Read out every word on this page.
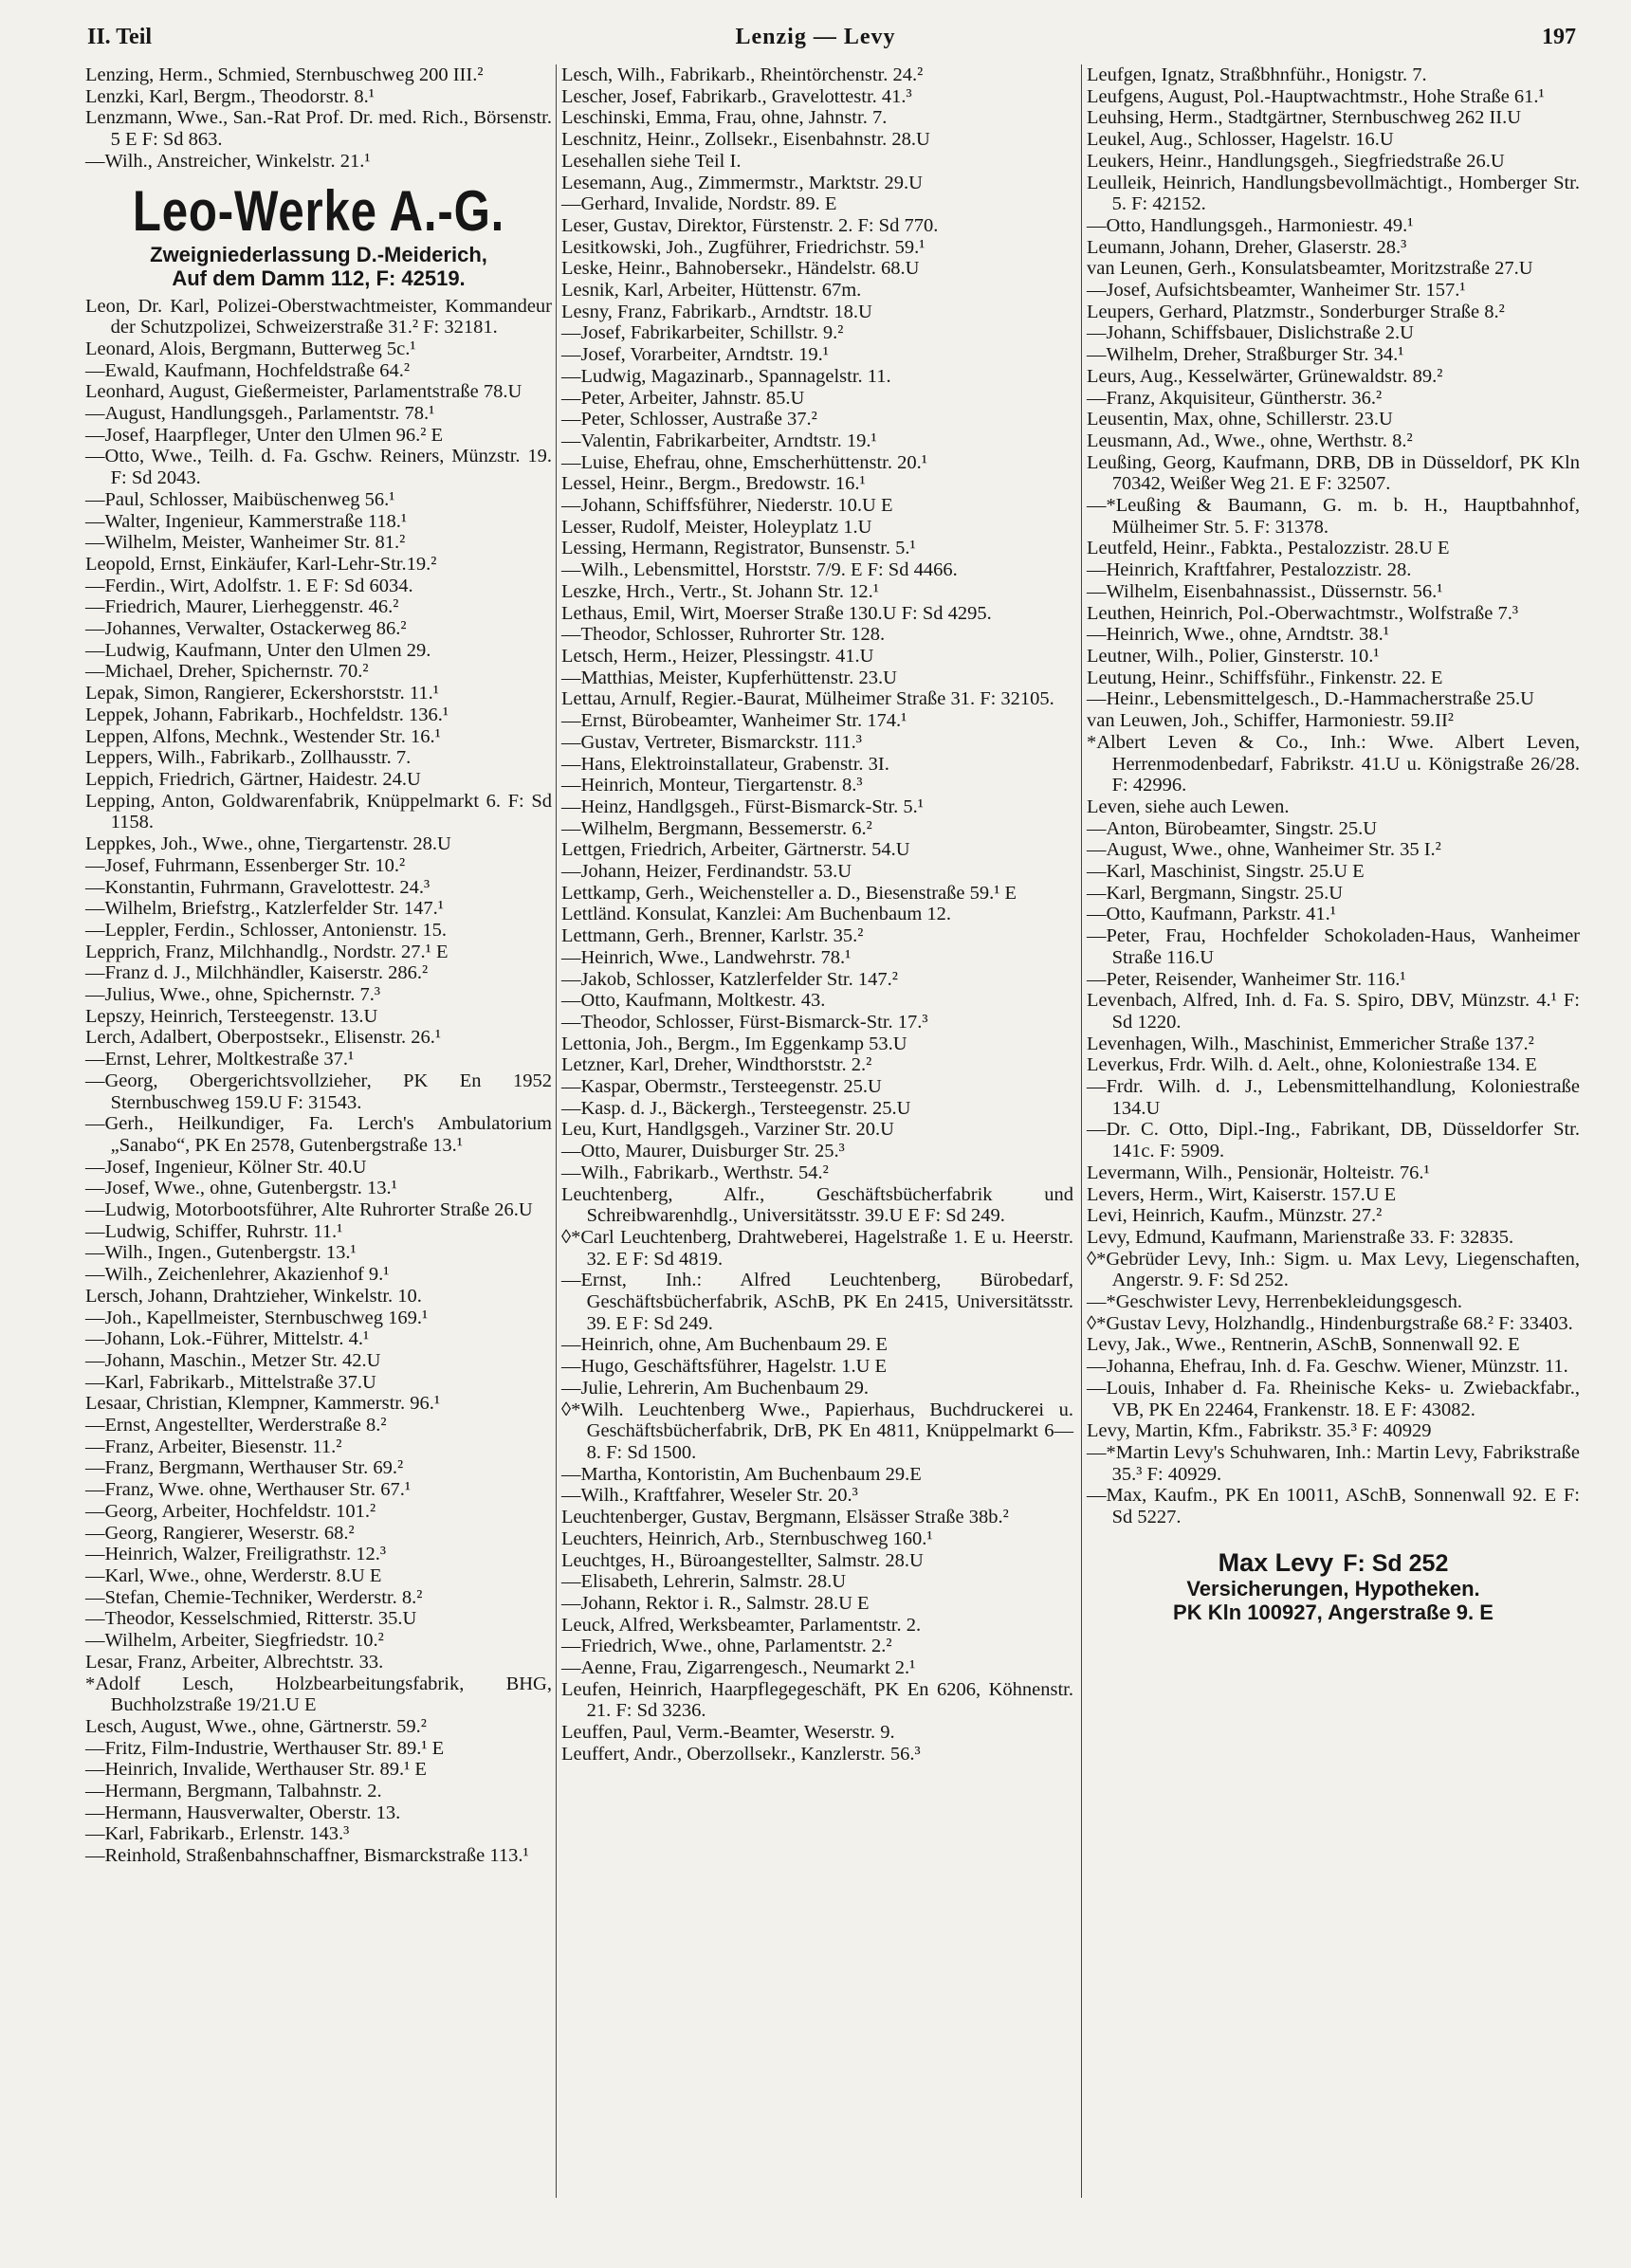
II. Teil	Lenzig — Levy	197
Lenzing, Herm., Schmied, Sternbuschweg 200 III.²
Lenzki, Karl, Bergm., Theodorstr. 8.¹
Lenzmann, Wwe., San.-Rat Prof. Dr. med. Rich., Börsenstr. 5 E F: Sd 863.
—Wilh., Anstreicher, Winkelstr. 21.¹
Leo-Werke A.-G.
Zweigniederlassung D.-Meiderich,
Auf dem Damm 112, F: 42519.
Leon, Dr. Karl, Polizei-Oberstwachtmeister, Kommandeur der Schutzpolizei, Schweizerstraße 31.² F: 32181.
Leonard, Alois, Bergmann, Butterweg 5c.¹
—Ewald, Kaufmann, Hochfeldstraße 64.²
Leonhard, August, Gießermeister, Parlamentstraße 78.U
—August, Handlungsgeh., Parlamentstr. 78.¹
—Josef, Haarpfleger, Unter den Ulmen 96.² E
—Otto, Wwe., Teilh. d. Fa. Gschw. Reiners, Münzstr. 19. F: Sd 2043.
—Paul, Schlosser, Maibüschenweg 56.¹
—Walter, Ingenieur, Kammerstraße 118.¹
—Wilhelm, Meister, Wanheimer Str. 81.²
Leopold, Ernst, Einkäufer, Karl-Lehr-Str.19.²
—Ferdin., Wirt, Adolfstr. 1. E F: Sd 6034.
—Friedrich, Maurer, Lierheggenstr. 46.²
—Johannes, Verwalter, Ostackerweg 86.²
—Ludwig, Kaufmann, Unter den Ulmen 29.
—Michael, Dreher, Spichernstr. 70.²
Lepak, Simon, Rangierer, Eckershorststr. 11.¹
Leppek, Johann, Fabrikarb., Hochfeldstr. 136.¹
Leppen, Alfons, Mechnk., Westender Str. 16.¹
Leppers, Wilh., Fabrikarb., Zollhausstr. 7.
Leppich, Friedrich, Gärtner, Haidestr. 24.U
Lepping, Anton, Goldwarenfabrik, Knüppelmarkt 6. F: Sd 1158.
Leppkes, Joh., Wwe., ohne, Tiergartenstr. 28.U
—Josef, Fuhrmann, Essenberger Str. 10.²
—Konstantin, Fuhrmann, Gravelottestr. 24.³
—Wilhelm, Briefstrg., Katzlerfelder Str. 147.¹
—Leppler, Ferdin., Schlosser, Antonienstr. 15.
Lepprich, Franz, Milchhandlg., Nordstr. 27.¹ E
—Franz d. J., Milchhändler, Kaiserstr. 286.²
—Julius, Wwe., ohne, Spichernstr. 7.³
Lepszy, Heinrich, Tersteegenstr. 13.U
Lerch, Adalbert, Oberpostsekr., Elisenstr. 26.¹
—Ernst, Lehrer, Moltkestraße 37.¹
—Georg, Obergerichtsvollzieher, PK En 1952 Sternbuschweg 159.U F: 31543.
—Gerh., Heilkundiger, Fa. Lerch's Ambulatorium „Sanabo“, PK En 2578, Gutenbergstraße 13.¹
—Josef, Ingenieur, Kölner Str. 40.U
—Josef, Wwe., ohne, Gutenbergstr. 13.¹
—Ludwig, Motorbootsführer, Alte Ruhrorter Straße 26.U
—Ludwig, Schiffer, Ruhrstr. 11.¹
—Wilh., Ingen., Gutenbergstr. 13.¹
—Wilh., Zeichenlehrer, Akazienhof 9.¹
Lersch, Johann, Drahtzieher, Winkelstr. 10.
—Joh., Kapellmeister, Sternbuschweg 169.¹
—Johann, Lok.-Führer, Mittelstr. 4.¹
—Johann, Maschin., Metzer Str. 42.U
—Karl, Fabrikarb., Mittelstraße 37.U
Lesaar, Christian, Klempner, Kammerstr. 96.¹
—Ernst, Angestellter, Werderstraße 8.²
—Franz, Arbeiter, Biesenstr. 11.²
—Franz, Bergmann, Werthauser Str. 69.²
—Franz, Wwe. ohne, Werthauser Str. 67.¹
—Georg, Arbeiter, Hochfeldstr. 101.²
—Georg, Rangierer, Weserstr. 68.²
—Heinrich, Walzer, Freiligrathstr. 12.³
—Karl, Wwe., ohne, Werderstr. 8.U E
—Stefan, Chemie-Techniker, Werderstr. 8.²
—Theodor, Kesselschmied, Ritterstr. 35.U
—Wilhelm, Arbeiter, Siegfriedstr. 10.²
Lesar, Franz, Arbeiter, Albrechtstr. 33.
*Adolf Lesch, Holzbearbeitungsfabrik, BHG, Buchholzstraße 19/21.U E
Lesch, August, Wwe., ohne, Gärtnerstr. 59.²
—Fritz, Film-Industrie, Werthauser Str. 89.¹ E
—Heinrich, Invalide, Werthauser Str. 89.¹ E
—Hermann, Bergmann, Talbahnstr. 2.
—Hermann, Hausverwalter, Oberstr. 13.
—Karl, Fabrikarb., Erlenstr. 143.³
—Reinhold, Straßenbahnschaffner, Bismarckstraße 113.¹
Lesch, Wilh., Fabrikarb., Rheintörchenstr. 24.²
Lescher, Josef, Fabrikarb., Gravelottestr. 41.³
Leschinski, Emma, Frau, ohne, Jahnstr. 7.
Leschnitz, Heinr., Zollsekr., Eisenbahnstr. 28.U
Lesehallen siehe Teil I.
Lesemann, Aug., Zimmermstr., Marktstr. 29.U
—Gerhard, Invalide, Nordstr. 89. E
Leser, Gustav, Direktor, Fürstenstr. 2. F: Sd 770.
Lesitkowski, Joh., Zugführer, Friedrichstr. 59.¹
Leske, Heinr., Bahnobersekr., Händelstr. 68.U
Lesnik, Karl, Arbeiter, Hüttenstr. 67m.
Lesny, Franz, Fabrikarb., Arndtstr. 18.U
—Josef, Fabrikarbeiter, Schillstr. 9.²
—Josef, Vorarbeiter, Arndtstr. 19.¹
—Ludwig, Magazinarb., Spannagelstr. 11.
—Peter, Arbeiter, Jahnstr. 85.U
—Peter, Schlosser, Austraße 37.²
—Valentin, Fabrikarbeiter, Arndtstr. 19.¹
—Luise, Ehefrau, ohne, Emscherhüttenstr. 20.¹
Lessel, Heinr., Bergm., Bredowstr. 16.¹
—Johann, Schiffsführer, Niederstr. 10.U E
Lesser, Rudolf, Meister, Holeyplatz 1.U
Lessing, Hermann, Registrator, Bunsenstr. 5.¹
—Wilh., Lebensmittel, Horststr. 7/9. E F: Sd 4466.
Leszke, Hrch., Vertr., St. Johann Str. 12.¹
Lethaus, Emil, Wirt, Moerser Straße 130.U F: Sd 4295.
—Theodor, Schlosser, Ruhrorter Str. 128.
Letsch, Herm., Heizer, Plessingstr. 41.U
—Matthias, Meister, Kupferhüttenstr. 23.U
Lettau, Arnulf, Regier.-Baurat, Mülheimer Straße 31. F: 32105.
—Ernst, Bürobeamter, Wanheimer Str. 174.¹
—Gustav, Vertreter, Bismarckstr. 111.³
—Hans, Elektroinstallateur, Grabenstr. 3I.
—Heinrich, Monteur, Tiergartenstr. 8.³
—Heinz, Handlgsgeh., Fürst-Bismarck-Str. 5.¹
—Wilhelm, Bergmann, Bessemerstr. 6.²
Lettgen, Friedrich, Arbeiter, Gärtnerstr. 54.U
—Johann, Heizer, Ferdinandstr. 53.U
Lettkamp, Gerh., Weichensteller a. D., Biesenstraße 59.¹ E
Lettländ. Konsulat, Kanzlei: Am Buchenbaum 12.
Lettmann, Gerh., Brenner, Karlstr. 35.²
—Heinrich, Wwe., Landwehrstr. 78.¹
—Jakob, Schlosser, Katzlerfelder Str. 147.²
—Otto, Kaufmann, Moltkestr. 43.
—Theodor, Schlosser, Fürst-Bismarck-Str. 17.³
Lettonia, Joh., Bergm., Im Eggenkamp 53.U
Letzner, Karl, Dreher, Windthorststr. 2.²
—Kaspar, Obermstr., Tersteegenstr. 25.U
—Kasp. d. J., Bäckergh., Tersteegenstr. 25.U
Leu, Kurt, Handlgsgeh., Varziner Str. 20.U
—Otto, Maurer, Duisburger Str. 25.³
—Wilh., Fabrikarb., Werthstr. 54.²
Leuchtenberg, Alfr., Geschäftsbücherfabrik und Schreibwarenhdlg., Universitätsstr. 39.U E F: Sd 249.
◊*Carl Leuchtenberg, Drahtweberei, Hagelstraße 1. E u. Heerstr. 32. E F: Sd 4819.
—Ernst, Inh.: Alfred Leuchtenberg, Bürobedarf, Geschäftsbücherfabrik, ASchB, PK En 2415, Universitätsstr. 39. E F: Sd 249.
—Heinrich, ohne, Am Buchenbaum 29. E
—Hugo, Geschäftsführer, Hagelstr. 1.U E
—Julie, Lehrerin, Am Buchenbaum 29.
◊*Wilh. Leuchtenberg Wwe., Papierhaus, Buchdruckerei u. Geschäftsbücherfabrik, DrB, PK En 4811, Knüppelmarkt 6—8. F: Sd 1500.
—Martha, Kontoristin, Am Buchenbaum 29.E
—Wilh., Kraftfahrer, Weseler Str. 20.³
Leuchtenberger, Gustav, Bergmann, Elsässer Straße 38b.²
Leuchters, Heinrich, Arb., Sternbuschweg 160.¹
Leuchtges, H., Büroangestellter, Salmstr. 28.U
—Elisabeth, Lehrerin, Salmstr. 28.U
—Johann, Rektor i. R., Salmstr. 28.U E
Leuck, Alfred, Werksbeamter, Parlamentstr. 2.
—Friedrich, Wwe., ohne, Parlamentstr. 2.²
—Aenne, Frau, Zigarrengesch., Neumarkt 2.¹
Leufen, Heinrich, Haarpflegegeschäft, PK En 6206, Köhnenstr. 21. F: Sd 3236.
Leuffen, Paul, Verm.-Beamter, Weserstr. 9.
Leuffert, Andr., Oberzollsekr., Kanzlerstr. 56.³
Leufgen, Ignatz, Straßbhnführ., Honigstr. 7.
Leufgens, August, Pol.-Hauptwachtmstr., Hohe Straße 61.¹
Leuhsing, Herm., Stadtgärtner, Sternbuschweg 262 II.U
Leukel, Aug., Schlosser, Hagelstr. 16.U
Leukers, Heinr., Handlungsgeh., Siegfriedstraße 26.U
Leulleik, Heinrich, Handlungsbevollmächtigt., Homberger Str. 5. F: 42152.
—Otto, Handlungsgeh., Harmoniestr. 49.¹
Leumann, Johann, Dreher, Glaserstr. 28.³
van Leunen, Gerh., Konsulatsbeamter, Moritzstraße 27.U
—Josef, Aufsichtsbeamter, Wanheimer Str. 157.¹
Leupers, Gerhard, Platzmstr., Sonderburger Straße 8.²
—Johann, Schiffsbauer, Dislichstraße 2.U
—Wilhelm, Dreher, Straßburger Str. 34.¹
Leurs, Aug., Kesselwärter, Grünewaldstr. 89.²
—Franz, Akquisiteur, Güntherstr. 36.²
Leusentin, Max, ohne, Schillerstr. 23.U
Leusmann, Ad., Wwe., ohne, Werthstr. 8.²
Leußing, Georg, Kaufmann, DRB, DB in Düsseldorf, PK Kln 70342, Weißer Weg 21. E F: 32507.
—*Leußing & Baumann, G. m. b. H., Hauptbahnhof, Mülheimer Str. 5. F: 31378.
Leutfeld, Heinr., Fabkta., Pestalozzistr. 28.U E
—Heinrich, Kraftfahrer, Pestalozzistr. 28.
—Wilhelm, Eisenbahnassist., Düssernstr. 56.¹
Leuthen, Heinrich, Pol.-Oberwachtmstr., Wolfstraße 7.³
—Heinrich, Wwe., ohne, Arndtstr. 38.¹
Leutner, Wilh., Polier, Ginsterstr. 10.¹
Leutung, Heinr., Schiffsführ., Finkenstr. 22. E
—Heinr., Lebensmittelgesch., D.-Hammacherstraße 25.U
van Leuwen, Joh., Schiffer, Harmoniestr. 59.II²
*Albert Leven & Co., Inh.: Wwe. Albert Leven, Herrenmodenbedarf, Fabrikstr. 41.U u. Königstraße 26/28. F: 42996.
Leven, siehe auch Lewen.
—Anton, Bürobeamter, Singstr. 25.U
—August, Wwe., ohne, Wanheimer Str. 35 I.²
—Karl, Maschinist, Singstr. 25.U E
—Karl, Bergmann, Singstr. 25.U
—Otto, Kaufmann, Parkstr. 41.¹
—Peter, Frau, Hochfelder Schokoladen-Haus, Wanheimer Straße 116.U
—Peter, Reisender, Wanheimer Str. 116.¹
Levenbach, Alfred, Inh. d. Fa. S. Spiro, DBV, Münzstr. 4.¹ F: Sd 1220.
Levenhagen, Wilh., Maschinist, Emmericher Straße 137.²
Leverkus, Frdr. Wilh. d. Aelt., ohne, Koloniestraße 134. E
—Frdr. Wilh. d. J., Lebensmittelhandlung, Koloniestraße 134.U
—Dr. C. Otto, Dipl.-Ing., Fabrikant, DB, Düsseldorfer Str. 141c. F: 5909.
Levermann, Wilh., Pensionär, Holteistr. 76.¹
Levers, Herm., Wirt, Kaiserstr. 157.U E
Levi, Heinrich, Kaufm., Münzstr. 27.²
Levy, Edmund, Kaufmann, Marienstraße 33. F: 32835.
◊*Gebrüder Levy, Inh.: Sigm. u. Max Levy, Liegenschaften, Angerstr. 9. F: Sd 252.
—*Geschwister Levy, Herrenbekleidungsgesch.
◊*Gustav Levy, Holzhandlg., Hindenburgstraße 68.² F: 33403.
Levy, Jak., Wwe., Rentnerin, ASchB, Sonnenwall 92. E
—Johanna, Ehefrau, Inh. d. Fa. Geschw. Wiener, Münzstr. 11.
—Louis, Inhaber d. Fa. Rheinische Keks- u. Zwiebackfabr., VB, PK En 22464, Frankenstr. 18. E F: 43082.
Levy, Martin, Kfm., Fabrikstr. 35.³ F: 40929
—*Martin Levy's Schuhwaren, Inh.: Martin Levy, Fabrikstraße 35.³ F: 40929.
—Max, Kaufm., PK En 10011, ASchB, Sonnenwall 92. E F: Sd 5227.
Max Levy F: Sd 252
Versicherungen, Hypotheken.
PK Kln 100927, Angerstraße 9. E
